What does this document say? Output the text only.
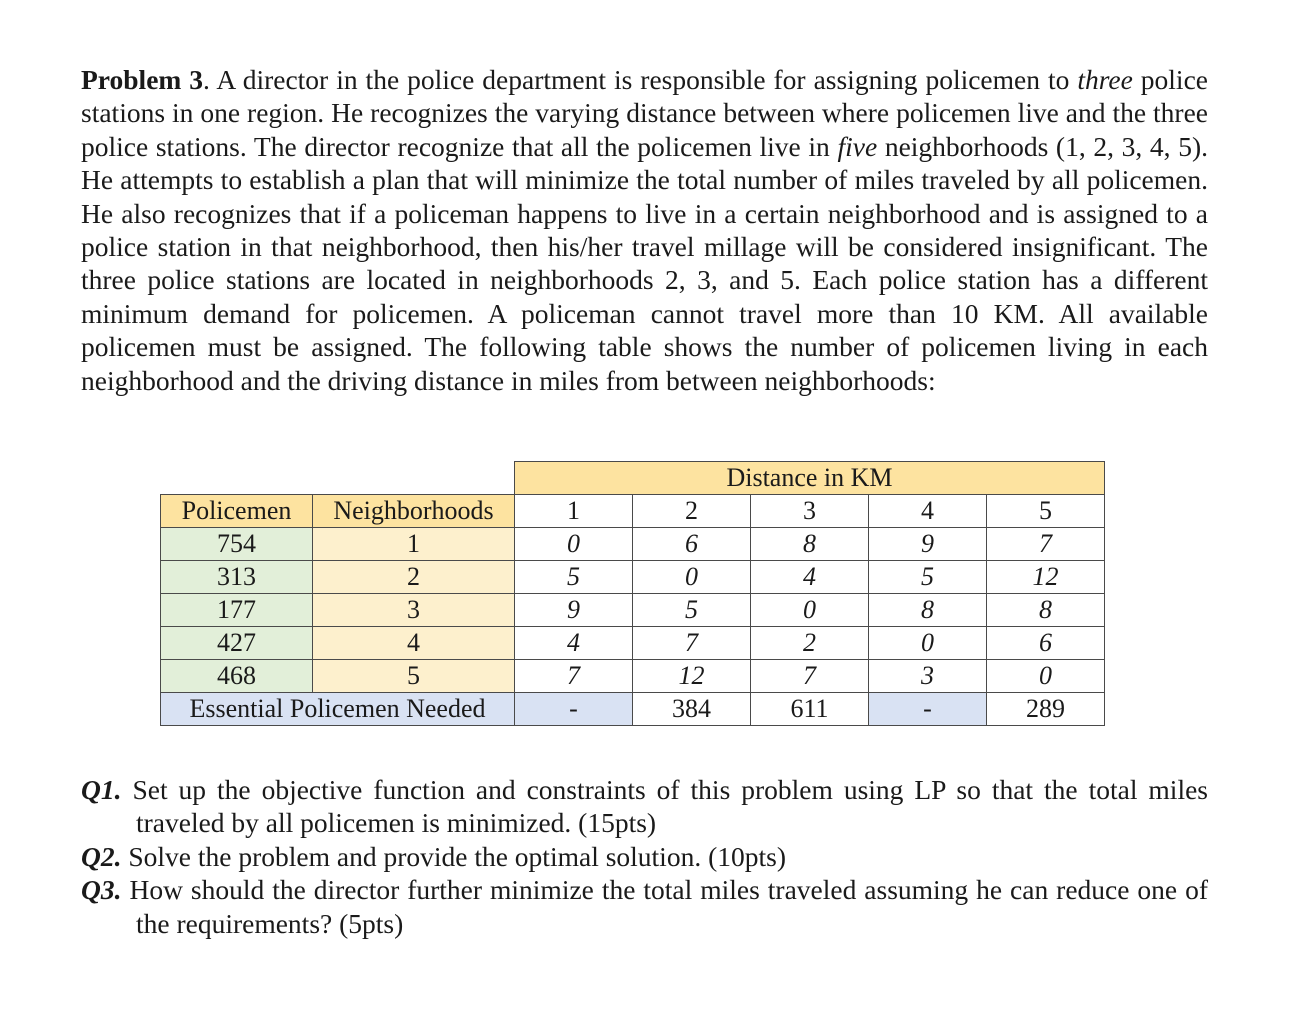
Problem 3. A director in the police department is responsible for assigning policemen to three police stations in one region. He recognizes the varying distance between where policemen live and the three police stations. The director recognize that all the policemen live in five neighborhoods (1, 2, 3, 4, 5). He attempts to establish a plan that will minimize the total number of miles traveled by all policemen. He also recognizes that if a policeman happens to live in a certain neighborhood and is assigned to a police station in that neighborhood, then his/her travel millage will be considered insignificant. The three police stations are located in neighborhoods 2, 3, and 5. Each police station has a different minimum demand for policemen. A policeman cannot travel more than 10 KM. All available policemen must be assigned. The following table shows the number of policemen living in each neighborhood and the driving distance in miles from between neighborhoods:

		Distance in KM				
Policemen	Neighborhoods	1	2	3	4	5
754	1	0	6	8	9	7
313	2	5	0	4	5	12
177	3	9	5	0	8	8
427	4	4	7	2	0	6
468	5	7	12	7	3	0
Essential Policemen Needed		-	384	611	-	289
Q1. Set up the objective function and constraints of this problem using LP so that the total miles traveled by all policemen is minimized. (15pts)
Q2. Solve the problem and provide the optimal solution. (10pts)
Q3. How should the director further minimize the total miles traveled assuming he can reduce one of the requirements? (5pts)
